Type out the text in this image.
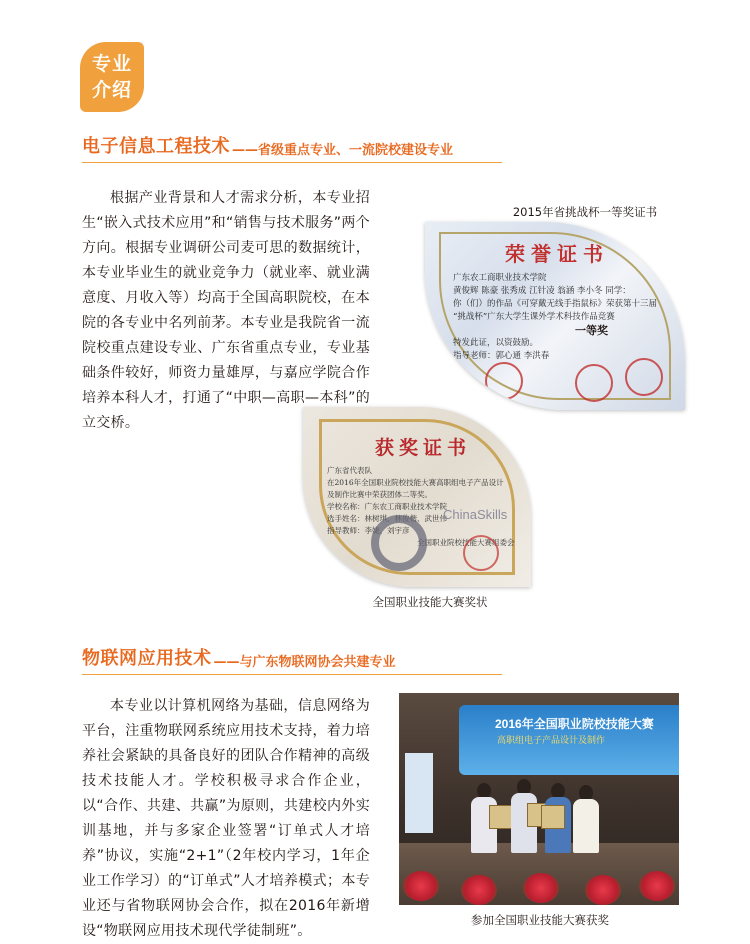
专业
介绍
电子信息工程技术 ——省级重点专业、一流院校建设专业

根据产业背景和人才需求分析，本专业招生“嵌入式技术应用”和“销售与技术服务”两个方向。根据专业调研公司麦可思的数据统计，本专业毕业生的就业竞争力（就业率、就业满意度、月收入等）均高于全国高职院校，在本院的各专业中名列前茅。本专业是我院省一流院校重点建设专业、广东省重点专业，专业基础条件较好，师资力量雄厚，与嘉应学院合作培养本科人才，打通了“中职—高职—本科”的立交桥。

2015年省挑战杯一等奖证书
荣誉证书
广东农工商职业技术学院
黄俊辉 陈豪 张秀成 江针凌 翁涵 李小冬 同学：
你（们）的作品《可穿戴无线手指鼠标》荣获第十三届
“挑战杯”广东大学生课外学术科技作品竞赛

特发此证，以资鼓励。
指导老师：郭心通 李洪春
一等奖
获奖证书
广东省代表队
在2016年全国职业院校技能大赛高职组电子产品设计
及制作比赛中荣获团体二等奖。
学校名称：广东农工商职业技术学院
选手姓名：林树琪、林俊楷、武世伟
指导教师：李婕、刘宇彦
全国职业院校技能大赛组委会
ChinaSkills
全国职业技能大赛奖状
物联网应用技术 ——与广东物联网协会共建专业

本专业以计算机网络为基础，信息网络为平台，注重物联网系统应用技术支持，着力培养社会紧缺的具备良好的团队合作精神的高级技术技能人才。学校积极寻求合作企业，以“合作、共建、共赢”为原则，共建校内外实训基地，并与多家企业签署“订单式人才培养”协议，实施“2+1”（2年校内学习，1年企业工作学习）的“订单式”人才培养模式；本专业还与省物联网协会合作，拟在2016年新增设“物联网应用技术现代学徒制班”。

2016年全国职业院校技能大赛
高职组电子产品设计及制作
参加全国职业技能大赛获奖
